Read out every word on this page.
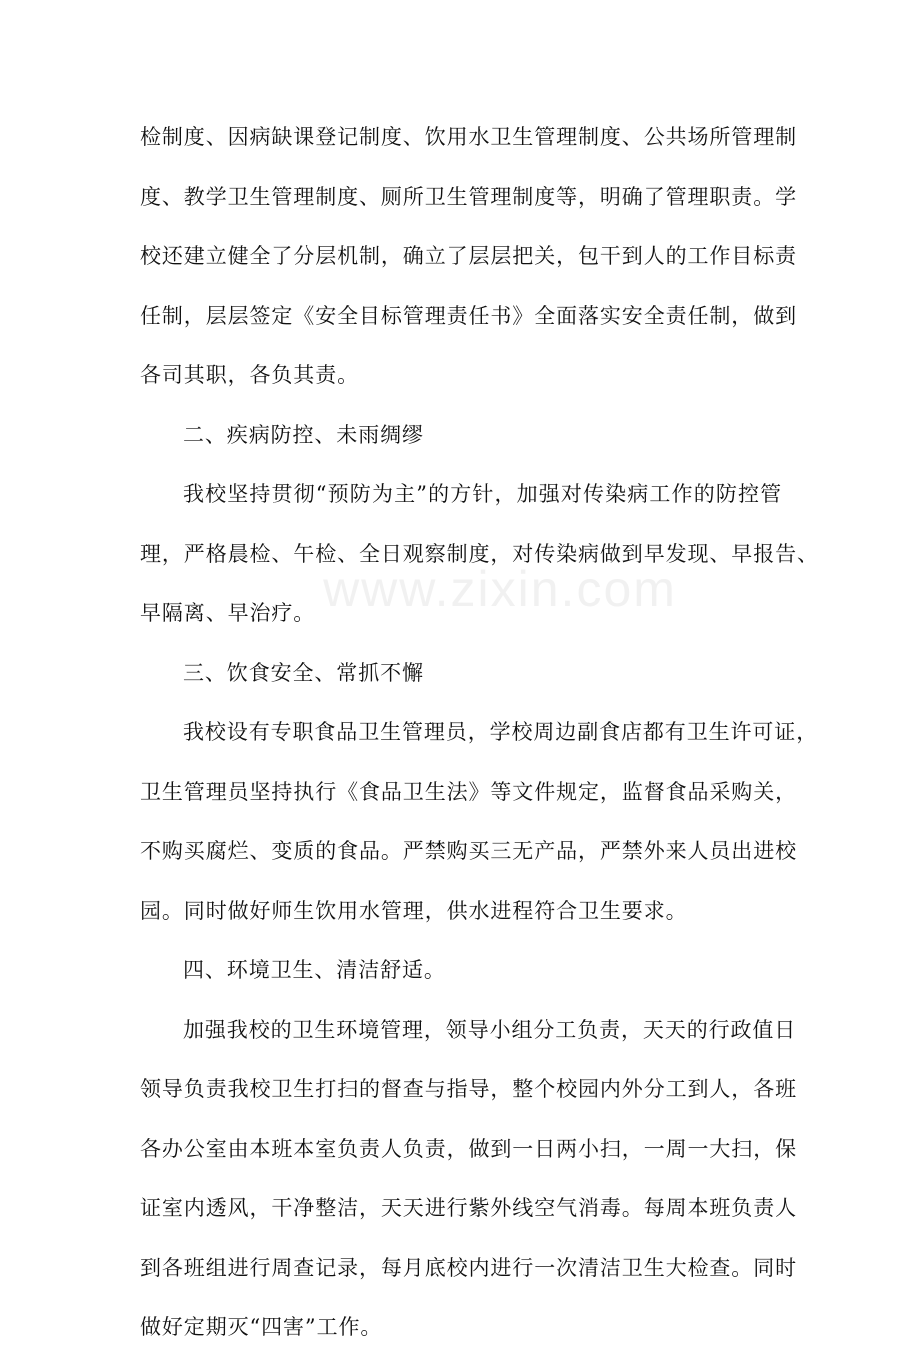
检制度、因病缺课登记制度、饮用水卫生管理制度、公共场所管理制
度、教学卫生管理制度、厕所卫生管理制度等，明确了管理职责。学
校还建立健全了分层机制，确立了层层把关，包干到人的工作目标责
任制，层层签定《安全目标管理责任书》全面落实安全责任制，做到
各司其职，各负其责。
二、疾病防控、未雨绸缪
我校坚持贯彻“预防为主”的方针，加强对传染病工作的防控管
理，严格晨检、午检、全日观察制度，对传染病做到早发现、早报告、
早隔离、早治疗。
三、饮食安全、常抓不懈
我校设有专职食品卫生管理员，学校周边副食店都有卫生许可证，
卫生管理员坚持执行《食品卫生法》等文件规定，监督食品采购关，
不购买腐烂、变质的食品。严禁购买三无产品，严禁外来人员出进校
园。同时做好师生饮用水管理，供水进程符合卫生要求。
四、环境卫生、清洁舒适。
加强我校的卫生环境管理，领导小组分工负责，天天的行政值日
领导负责我校卫生打扫的督查与指导，整个校园内外分工到人，各班
各办公室由本班本室负责人负责，做到一日两小扫，一周一大扫，保
证室内透风，干净整洁，天天进行紫外线空气消毒。每周本班负责人
到各班组进行周查记录，每月底校内进行一次清洁卫生大检查。同时
做好定期灭“四害”工作。
www.zixin.com
